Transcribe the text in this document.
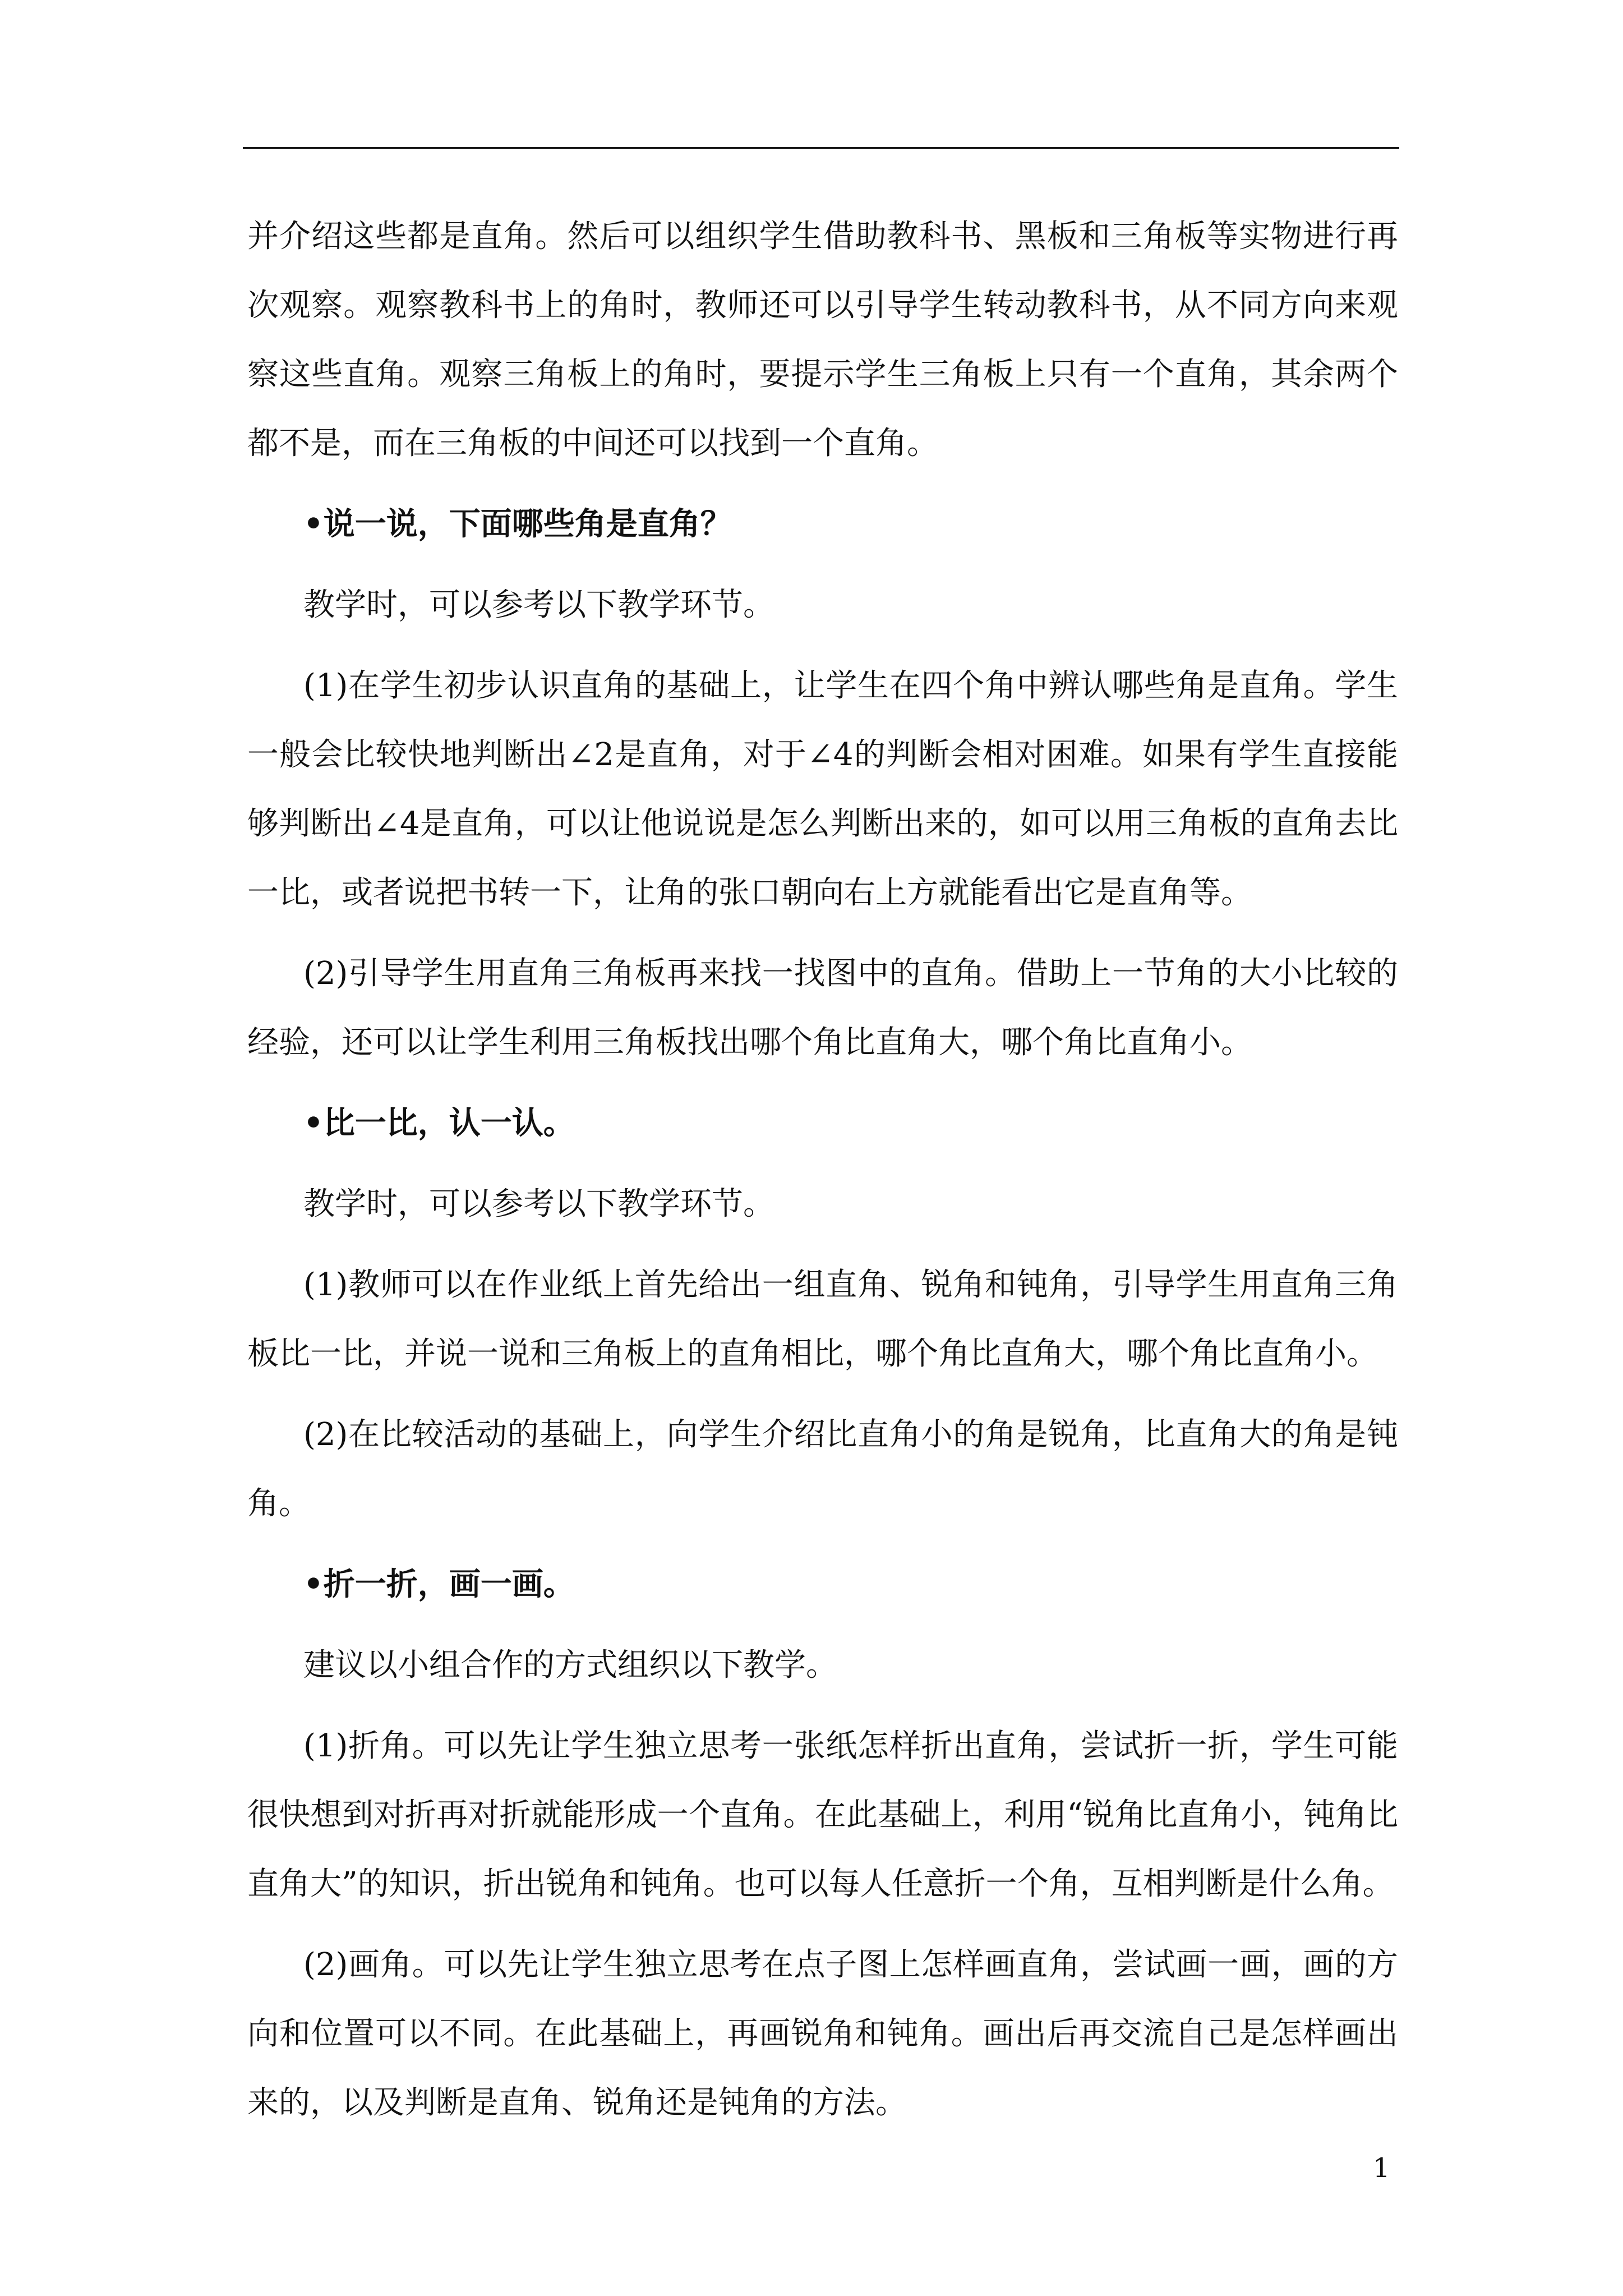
并介绍这些都是直角。然后可以组织学生借助教科书、黑板和三角板等实物进行再次观察。观察教科书上的角时，教师还可以引导学生转动教科书，从不同方向来观察这些直角。观察三角板上的角时，要提示学生三角板上只有一个直角，其余两个都不是，而在三角板的中间还可以找到一个直角。

•说一说，下面哪些角是直角？

教学时，可以参考以下教学环节。

(1)在学生初步认识直角的基础上，让学生在四个角中辨认哪些角是直角。学生一般会比较快地判断出∠2是直角，对于∠4的判断会相对困难。如果有学生直接能够判断出∠4是直角，可以让他说说是怎么判断出来的，如可以用三角板的直角去比一比，或者说把书转一下，让角的张口朝向右上方就能看出它是直角等。

(2)引导学生用直角三角板再来找一找图中的直角。借助上一节角的大小比较的经验，还可以让学生利用三角板找出哪个角比直角大，哪个角比直角小。

•比一比，认一认。

教学时，可以参考以下教学环节。

(1)教师可以在作业纸上首先给出一组直角、锐角和钝角，引导学生用直角三角板比一比，并说一说和三角板上的直角相比，哪个角比直角大，哪个角比直角小。

(2)在比较活动的基础上，向学生介绍比直角小的角是锐角，比直角大的角是钝角。

•折一折，画一画。

建议以小组合作的方式组织以下教学。

(1)折角。可以先让学生独立思考一张纸怎样折出直角，尝试折一折，学生可能很快想到对折再对折就能形成一个直角。在此基础上，利用“锐角比直角小，钝角比直角大”的知识，折出锐角和钝角。也可以每人任意折一个角，互相判断是什么角。

(2)画角。可以先让学生独立思考在点子图上怎样画直角，尝试画一画，画的方向和位置可以不同。在此基础上，再画锐角和钝角。画出后再交流自己是怎样画出来的，以及判断是直角、锐角还是钝角的方法。

1
